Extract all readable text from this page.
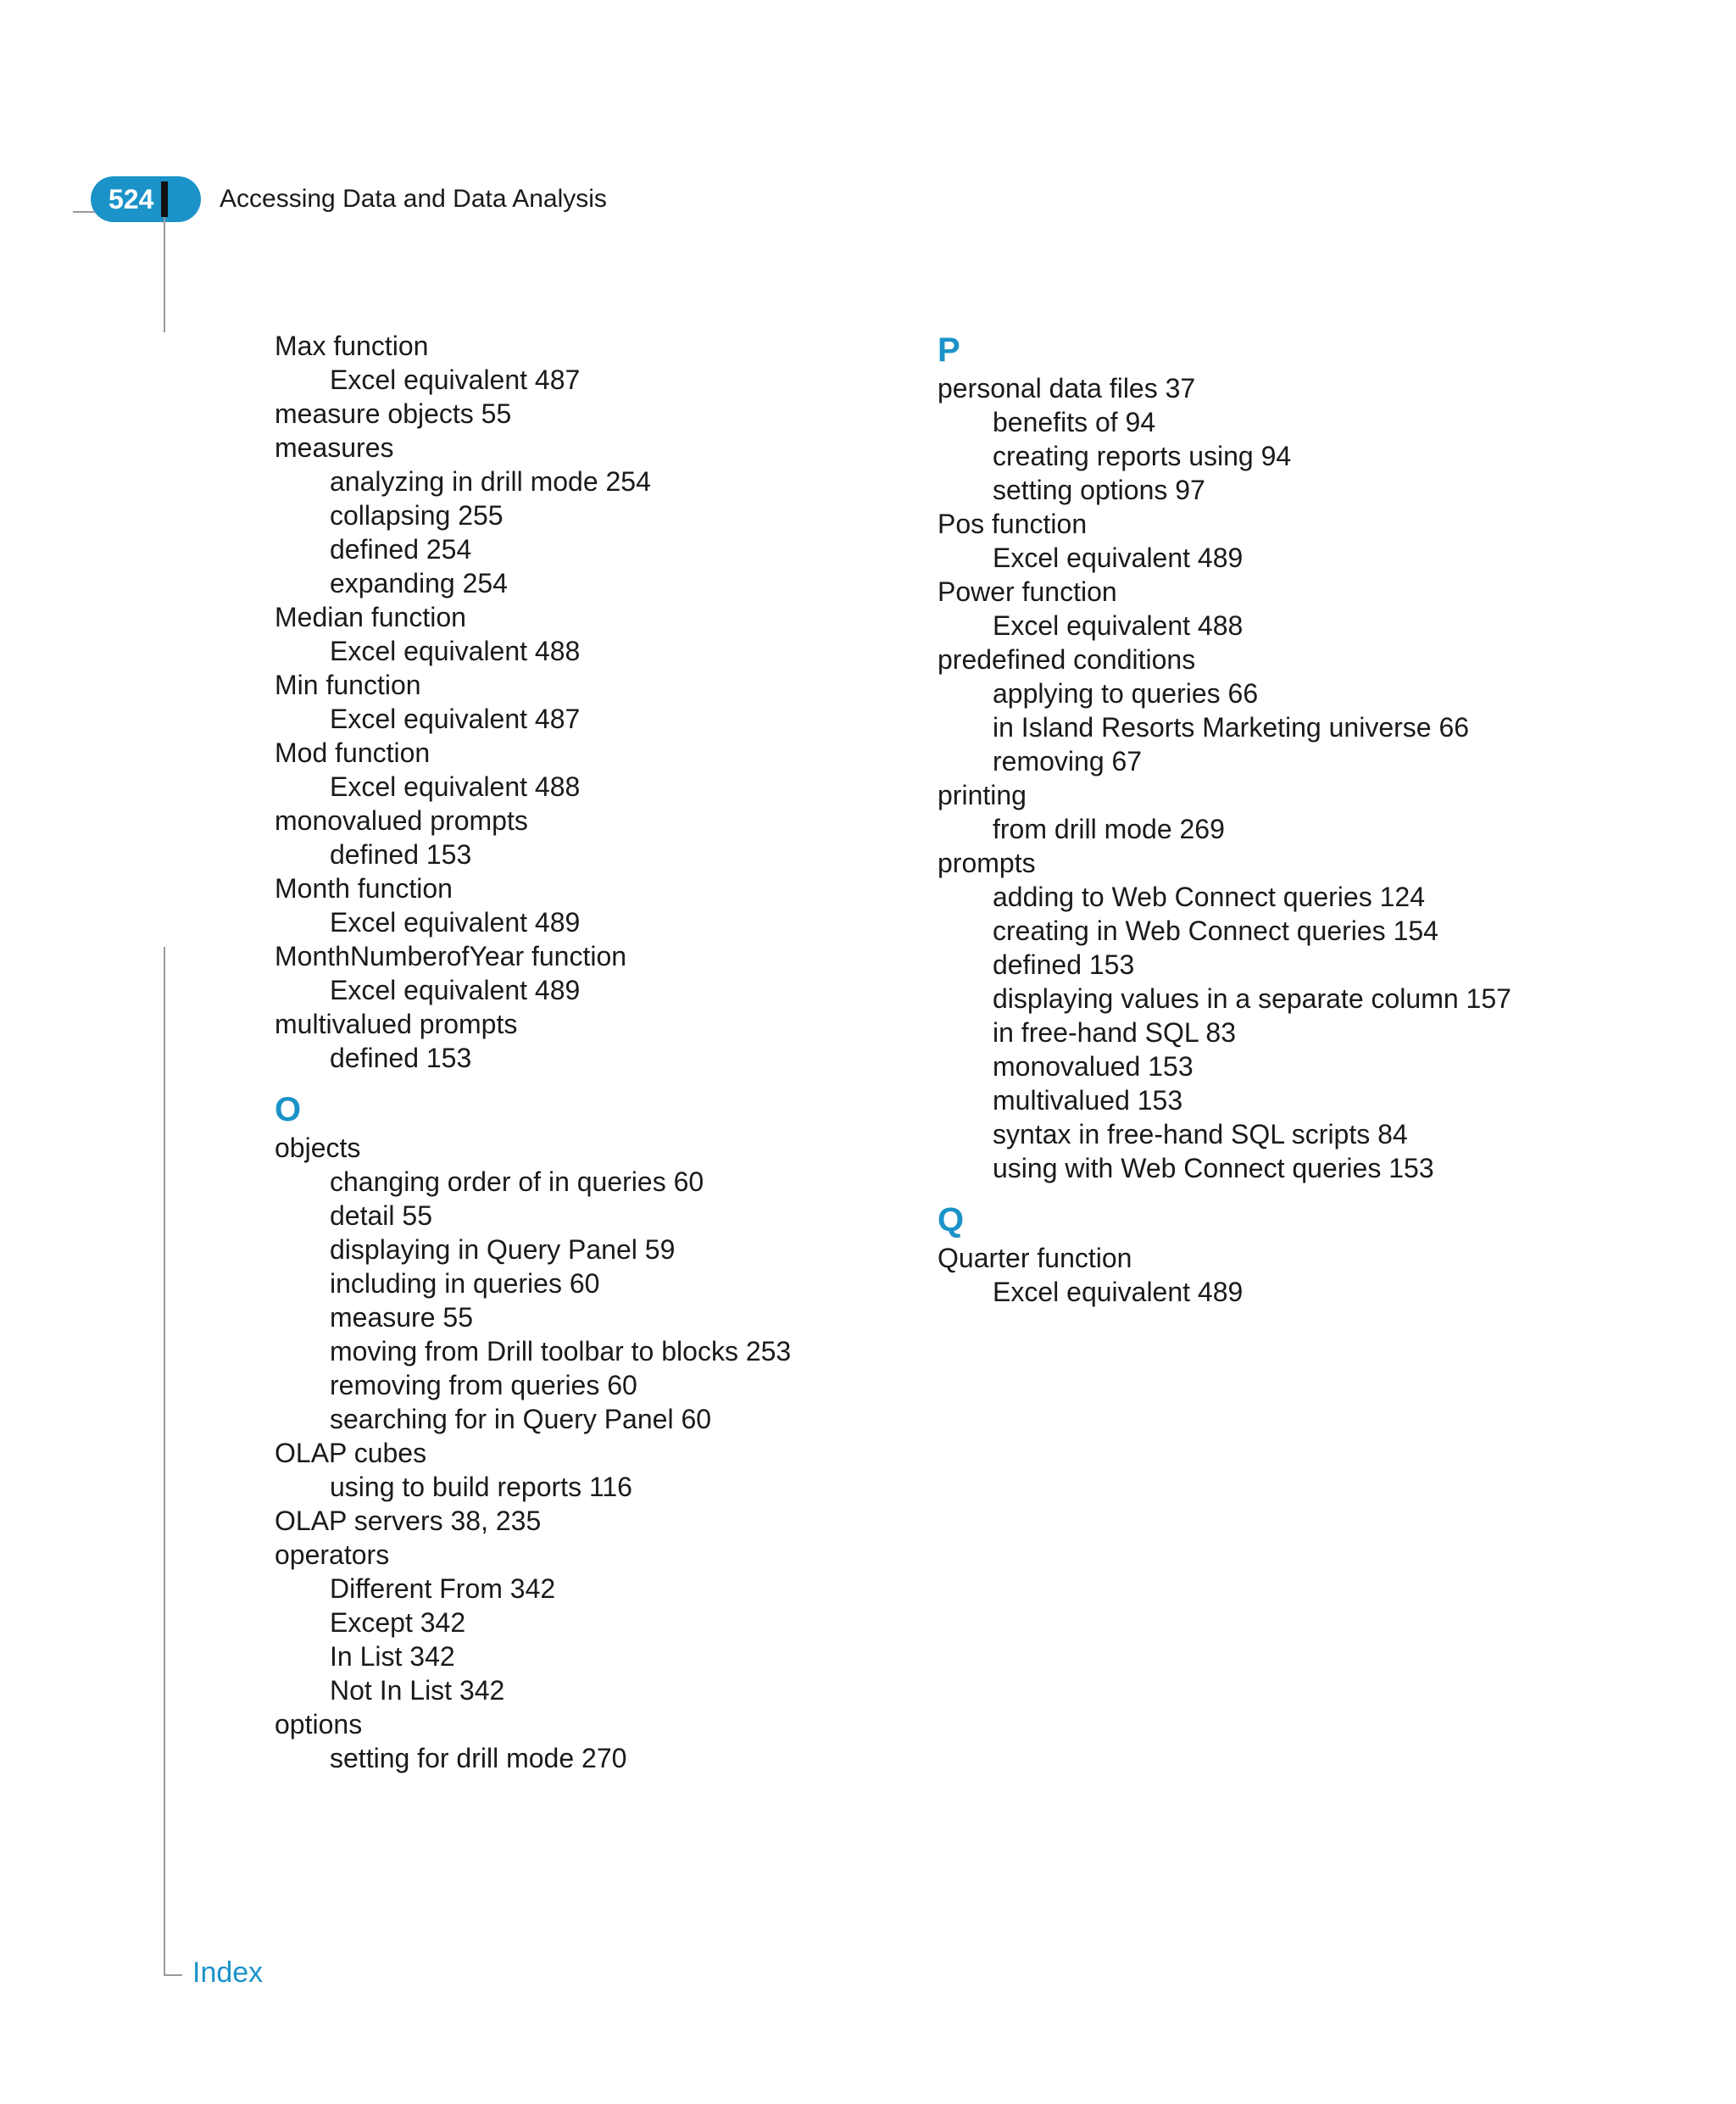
524	Accessing Data and Data Analysis
Index
Max function
Excel equivalent 487
measure objects 55
measures
analyzing in drill mode 254
collapsing 255
defined 254
expanding 254
Median function
Excel equivalent 488
Min function
Excel equivalent 487
Mod function
Excel equivalent 488
monovalued prompts
defined 153
Month function
Excel equivalent 489
MonthNumberofYear function
Excel equivalent 489
multivalued prompts
defined 153
O
objects
changing order of in queries 60
detail 55
displaying in Query Panel 59
including in queries 60
measure 55
moving from Drill toolbar to blocks 253
removing from queries 60
searching for in Query Panel 60
OLAP cubes
using to build reports 116
OLAP servers 38, 235
operators
Different From 342
Except 342
In List 342
Not In List 342
options
setting for drill mode 270
P
personal data files 37
benefits of 94
creating reports using 94
setting options 97
Pos function
Excel equivalent 489
Power function
Excel equivalent 488
predefined conditions
applying to queries 66
in Island Resorts Marketing universe 66
removing 67
printing
from drill mode 269
prompts
adding to Web Connect queries 124
creating in Web Connect queries 154
defined 153
displaying values in a separate column 157
in free-hand SQL 83
monovalued 153
multivalued 153
syntax in free-hand SQL scripts 84
using with Web Connect queries 153
Q
Quarter function
Excel equivalent 489
